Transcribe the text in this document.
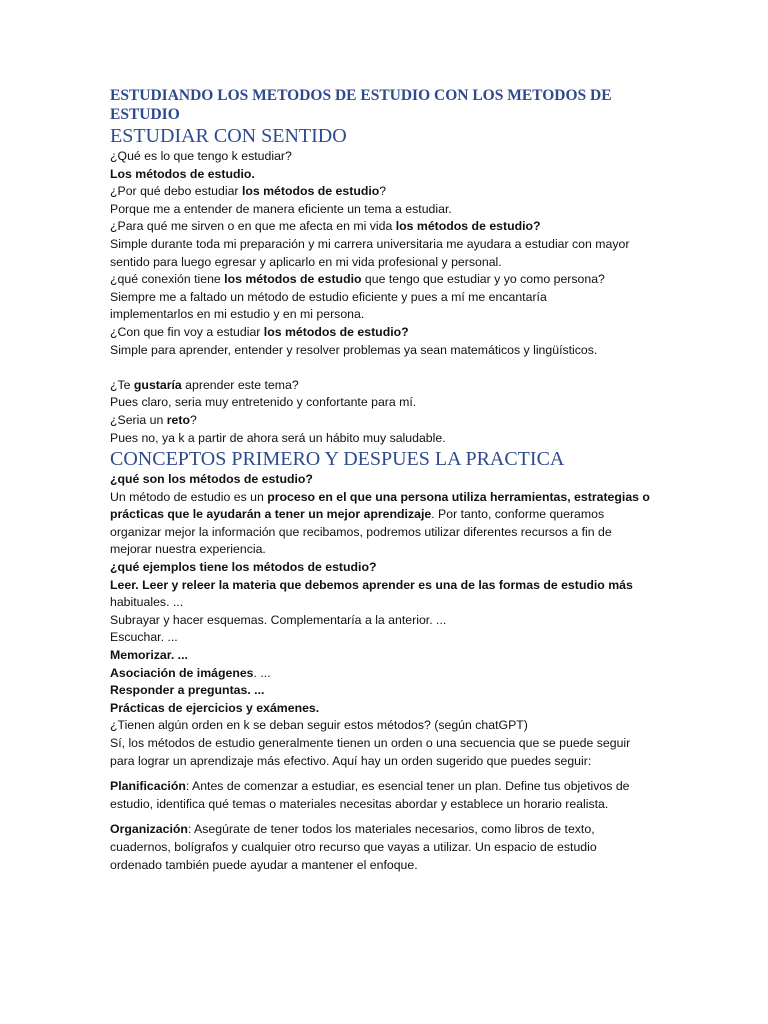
ESTUDIANDO LOS METODOS DE ESTUDIO CON LOS METODOS DE ESTUDIO
ESTUDIAR CON SENTIDO

¿Qué es lo que tengo k estudiar?

Los métodos de estudio.

¿Por qué debo estudiar los métodos de estudio?

Porque me a entender de manera eficiente un tema a estudiar.

¿Para qué me sirven o en que me afecta en mi vida los métodos de estudio?

Simple durante toda mi preparación y mi carrera universitaria me ayudara a estudiar con mayor

sentido para luego egresar y aplicarlo en mi vida profesional y personal.

¿qué conexión tiene los métodos de estudio que tengo que estudiar y yo como persona?

Siempre me a faltado un método de estudio eficiente y pues a mí me encantaría

implementarlos en mi estudio y en mi persona.

¿Con que fin voy a estudiar los métodos de estudio?

Simple para aprender, entender y resolver problemas ya sean matemáticos y lingüísticos.

¿Te gustaría aprender este tema?

Pues claro, seria muy entretenido y confortante para mí.

¿Seria un reto?

Pues no, ya k a partir de ahora será un hábito muy saludable.

CONCEPTOS PRIMERO Y DESPUES LA PRACTICA

¿qué son los métodos de estudio?

Un método de estudio es un proceso en el que una persona utiliza herramientas, estrategias o

prácticas que le ayudarán a tener un mejor aprendizaje. Por tanto, conforme queramos

organizar mejor la información que recibamos, podremos utilizar diferentes recursos a fin de

mejorar nuestra experiencia.

¿qué ejemplos tiene los métodos de estudio?

Leer. Leer y releer la materia que debemos aprender es una de las formas de estudio más

habituales. ...

Subrayar y hacer esquemas. Complementaría a la anterior. ...

Escuchar. ...

Memorizar. ...

Asociación de imágenes. ...

Responder a preguntas. ...

Prácticas de ejercicios y exámenes.

¿Tienen algún orden en k se deban seguir estos métodos? (según chatGPT)

Sí, los métodos de estudio generalmente tienen un orden o una secuencia que se puede seguir

para lograr un aprendizaje más efectivo. Aquí hay un orden sugerido que puedes seguir:

Planificación: Antes de comenzar a estudiar, es esencial tener un plan. Define tus objetivos de

estudio, identifica qué temas o materiales necesitas abordar y establece un horario realista.

Organización: Asegúrate de tener todos los materiales necesarios, como libros de texto,

cuadernos, bolígrafos y cualquier otro recurso que vayas a utilizar. Un espacio de estudio

ordenado también puede ayudar a mantener el enfoque.
